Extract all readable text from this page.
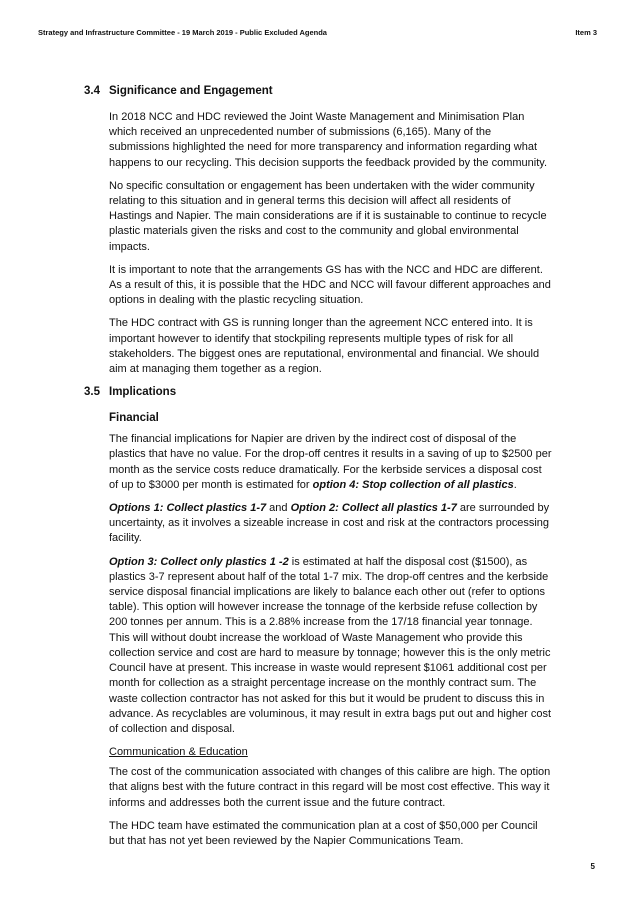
Strategy and Infrastructure Committee - 19 March 2019 - Public Excluded Agenda	Item 3
3.4 Significance and Engagement

In 2018 NCC and HDC reviewed the Joint Waste Management and Minimisation Plan which received an unprecedented number of submissions (6,165). Many of the submissions highlighted the need for more transparency and information regarding what happens to our recycling. This decision supports the feedback provided by the community.

No specific consultation or engagement has been undertaken with the wider community relating to this situation and in general terms this decision will affect all residents of Hastings and Napier. The main considerations are if it is sustainable to continue to recycle plastic materials given the risks and cost to the community and global environmental impacts.

It is important to note that the arrangements GS has with the NCC and HDC are different. As a result of this, it is possible that the HDC and NCC will favour different approaches and options in dealing with the plastic recycling situation.

The HDC contract with GS is running longer than the agreement NCC entered into. It is important however to identify that stockpiling represents multiple types of risk for all stakeholders. The biggest ones are reputational, environmental and financial. We should aim at managing them together as a region.

3.5 Implications
Financial

The financial implications for Napier are driven by the indirect cost of disposal of the plastics that have no value. For the drop-off centres it results in a saving of up to $2500 per month as the service costs reduce dramatically. For the kerbside services a disposal cost of up to $3000 per month is estimated for option 4: Stop collection of all plastics.

Options 1: Collect plastics 1-7 and Option 2: Collect all plastics 1-7 are surrounded by uncertainty, as it involves a sizeable increase in cost and risk at the contractors processing facility.

Option 3: Collect only plastics 1 -2 is estimated at half the disposal cost ($1500), as plastics 3-7 represent about half of the total 1-7 mix. The drop-off centres and the kerbside service disposal financial implications are likely to balance each other out (refer to options table). This option will however increase the tonnage of the kerbside refuse collection by 200 tonnes per annum. This is a 2.88% increase from the 17/18 financial year tonnage. This will without doubt increase the workload of Waste Management who provide this collection service and cost are hard to measure by tonnage; however this is the only metric Council have at present. This increase in waste would represent $1061 additional cost per month for collection as a straight percentage increase on the monthly contract sum. The waste collection contractor has not asked for this but it would be prudent to discuss this in advance. As recyclables are voluminous, it may result in extra bags put out and higher cost of collection and disposal.

Communication & Education

The cost of the communication associated with changes of this calibre are high. The option that aligns best with the future contract in this regard will be most cost effective. This way it informs and addresses both the current issue and the future contract.

The HDC team have estimated the communication plan at a cost of $50,000 per Council but that has not yet been reviewed by the Napier Communications Team.

5
